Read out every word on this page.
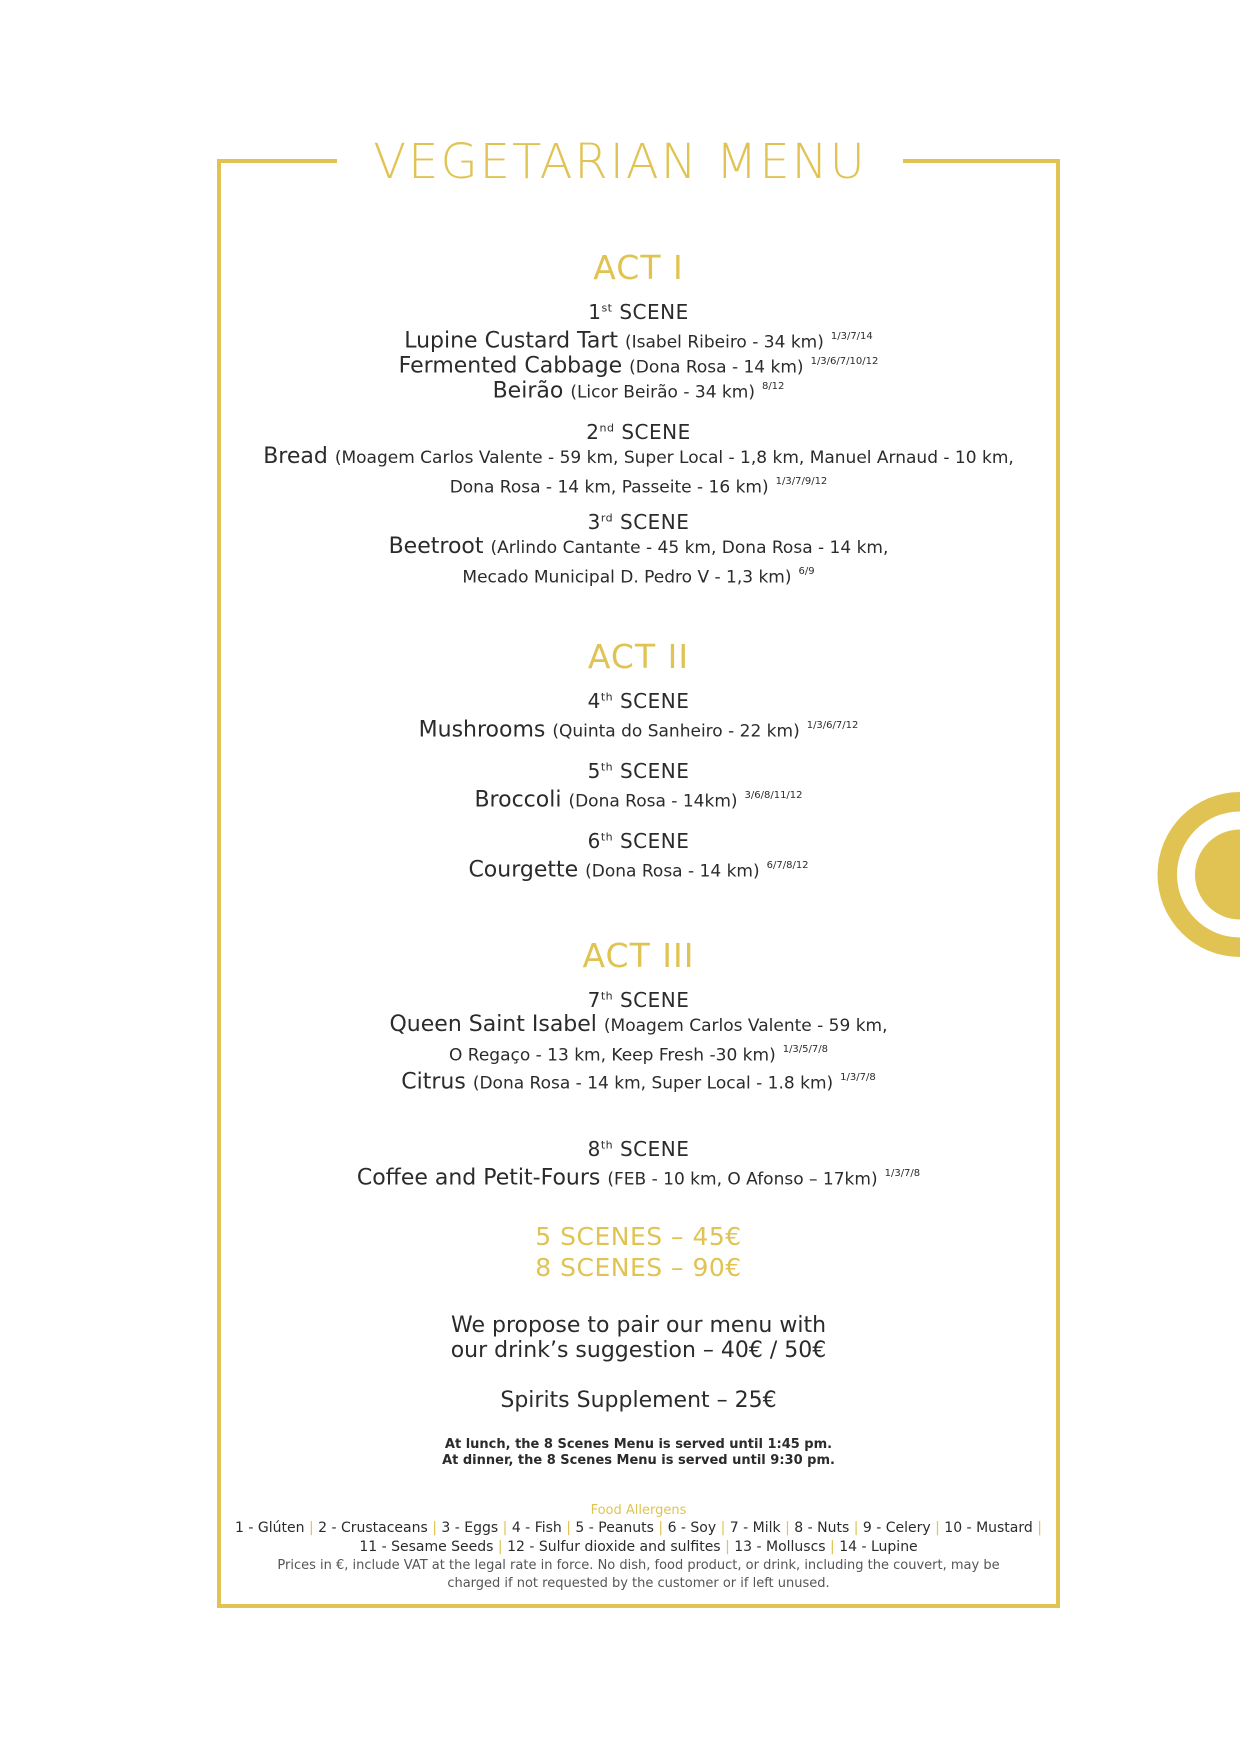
VEGETARIAN MENU
ACT I
1st SCENE
Lupine Custard Tart (Isabel Ribeiro - 34 km) $^{1/3/7/14}$
Fermented Cabbage (Dona Rosa - 14 km) $^{1/3/6/7/10/12}$
Beirão (Licor Beirão - 34 km) $^{8/12}$
2nd SCENE
Bread (Moagem Carlos Valente - 59 km, Super Local - 1,8 km, Manuel Arnaud - 10 km,
Dona Rosa - 14 km, Passeite - 16 km) $^{1/3/7/9/12}$
3rd SCENE
Beetroot (Arlindo Cantante - 45 km, Dona Rosa - 14 km,
Mecado Municipal D. Pedro V - 1,3 km) $^{6/9}$
ACT II
4th SCENE
Mushrooms (Quinta do Sanheiro - 22 km) $^{1/3/6/7/12}$
5th SCENE
Broccoli (Dona Rosa - 14km) $^{3/6/8/11/12}$
6th SCENE
Courgette (Dona Rosa - 14 km) $^{6/7/8/12}$
ACT III
7th SCENE
Queen Saint Isabel (Moagem Carlos Valente - 59 km,
O Regaço - 13 km, Keep Fresh -30 km) $^{1/3/5/7/8}$
Citrus (Dona Rosa - 14 km, Super Local - 1.8 km) $^{1/3/7/8}$
8th SCENE
Coffee and Petit-Fours (FEB - 10 km, O Afonso – 17km) $^{1/3/7/8}$
5 SCENES – 45€
8 SCENES – 90€
We propose to pair our menu with
our drink’s suggestion – 40€ / 50€
Spirits Supplement – 25€
At lunch, the 8 Scenes Menu is served until 1:45 pm.
At dinner, the 8 Scenes Menu is served until 9:30 pm.
Food Allergens
1 - Glúten | 2 - Crustaceans | 3 - Eggs | 4 - Fish | 5 - Peanuts | 6 - Soy | 7 - Milk | 8 - Nuts | 9 - Celery | 10 - Mustard |
11 - Sesame Seeds | 12 - Sulfur dioxide and sulfites | 13 - Molluscs | 14 - Lupine
Prices in €, include VAT at the legal rate in force. No dish, food product, or drink, including the couvert, may be
charged if not requested by the customer or if left unused.
